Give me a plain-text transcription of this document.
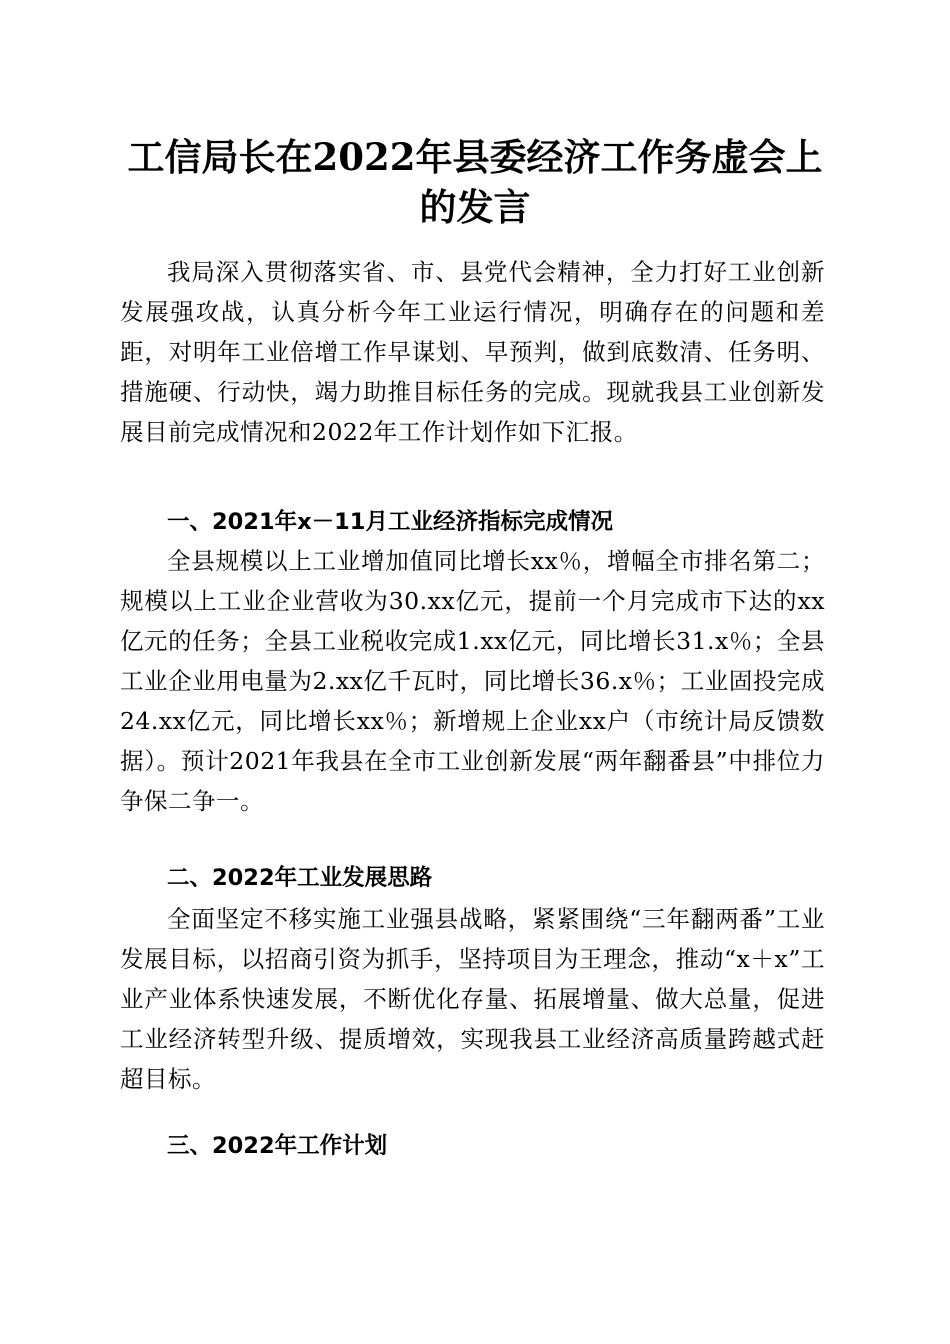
工信局长在2022年县委经济工作务虚会上的发言

我局深入贯彻落实省、市、县党代会精神，全力打好工业创新发展强攻战，认真分析今年工业运行情况，明确存在的问题和差距，对明年工业倍增工作早谋划、早预判，做到底数清、任务明、措施硬、行动快，竭力助推目标任务的完成。现就我县工业创新发展目前完成情况和2022年工作计划作如下汇报。

一、2021年x－11月工业经济指标完成情况

全县规模以上工业增加值同比增长xx％，增幅全市排名第二；规模以上工业企业营收为30.xx亿元，提前一个月完成市下达的xx亿元的任务；全县工业税收完成1.xx亿元，同比增长31.x％；全县工业企业用电量为2.xx亿千瓦时，同比增长36.x％；工业固投完成24.xx亿元，同比增长xx％；新增规上企业xx户（市统计局反馈数据）。预计2021年我县在全市工业创新发展“两年翻番县”中排位力争保二争一。

二、2022年工业发展思路

全面坚定不移实施工业强县战略，紧紧围绕“三年翻两番”工业发展目标，以招商引资为抓手，坚持项目为王理念，推动“x＋x”工业产业体系快速发展，不断优化存量、拓展增量、做大总量，促进工业经济转型升级、提质增效，实现我县工业经济高质量跨越式赶超目标。

三、2022年工作计划
